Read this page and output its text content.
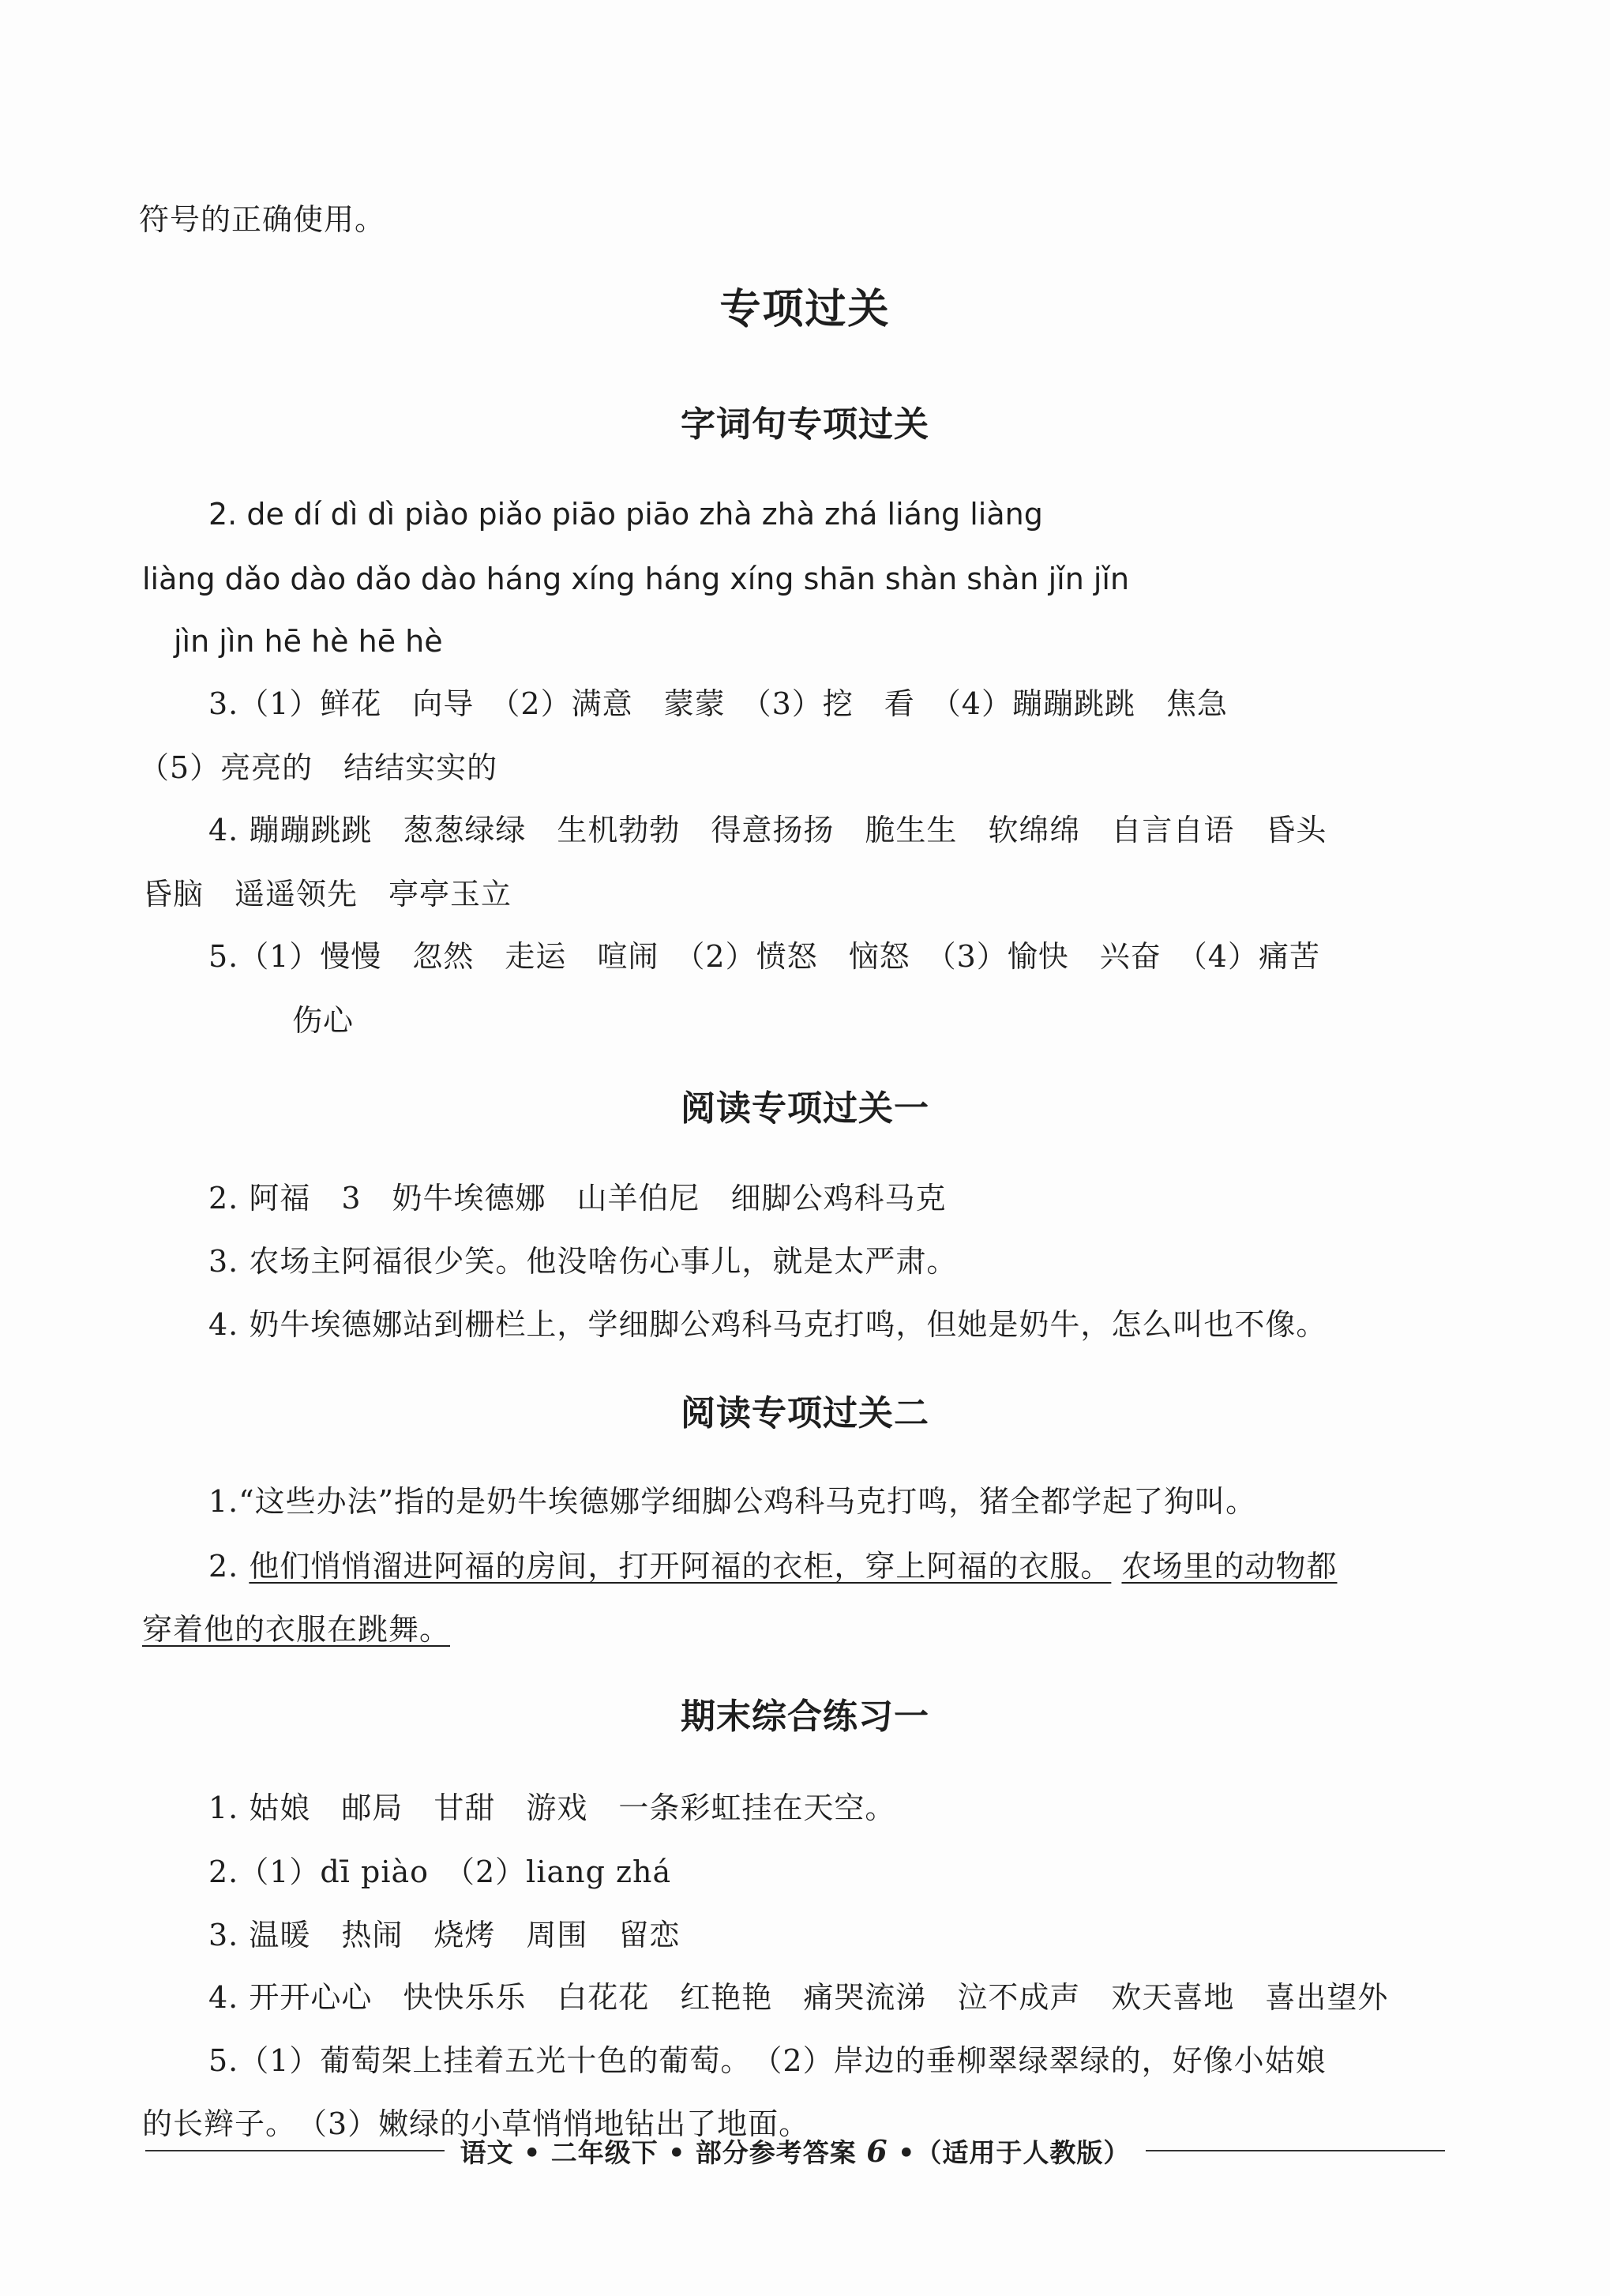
符号的正确使用。
专项过关
字词句专项过关
2. de dí dì dì piào piǎo piāo piāo zhà zhà zhá liáng liàng
liàng dǎo dào dǎo dào háng xíng háng xíng shān shàn shàn jǐn jǐn
jìn jìn hē hè hē hè
3.（1）鲜花　向导　（2）满意　蒙蒙　（3）挖　看　（4）蹦蹦跳跳　焦急
（5）亮亮的　结结实实的
4. 蹦蹦跳跳　葱葱绿绿　生机勃勃　得意扬扬　脆生生　软绵绵　自言自语　昏头
昏脑　遥遥领先　亭亭玉立
5.（1）慢慢　忽然　走运　喧闹　（2）愤怒　恼怒　（3）愉快　兴奋　（4）痛苦
伤心
阅读专项过关一
2. 阿福　3　奶牛埃德娜　山羊伯尼　细脚公鸡科马克
3. 农场主阿福很少笑。他没啥伤心事儿，就是太严肃。
4. 奶牛埃德娜站到栅栏上，学细脚公鸡科马克打鸣，但她是奶牛，怎么叫也不像。
阅读专项过关二
1.“这些办法”指的是奶牛埃德娜学细脚公鸡科马克打鸣，猪全都学起了狗叫。
2. 他们悄悄溜进阿福的房间，打开阿福的衣柜，穿上阿福的衣服。 农场里的动物都
穿着他的衣服在跳舞。
期末综合练习一
1. 姑娘　邮局　甘甜　游戏　一条彩虹挂在天空。
2.（1）dī piào　（2）liang zhá
3. 温暖　热闹　烧烤　周围　留恋
4. 开开心心　快快乐乐　白花花　红艳艳　痛哭流涕　泣不成声　欢天喜地　喜出望外
5.（1）葡萄架上挂着五光十色的葡萄。　（2）岸边的垂柳翠绿翠绿的，好像小姑娘
的长辫子。　（3）嫩绿的小草悄悄地钻出了地面。
语文 • 二年级下 • 部分参考答案 6 •（适用于人教版）
